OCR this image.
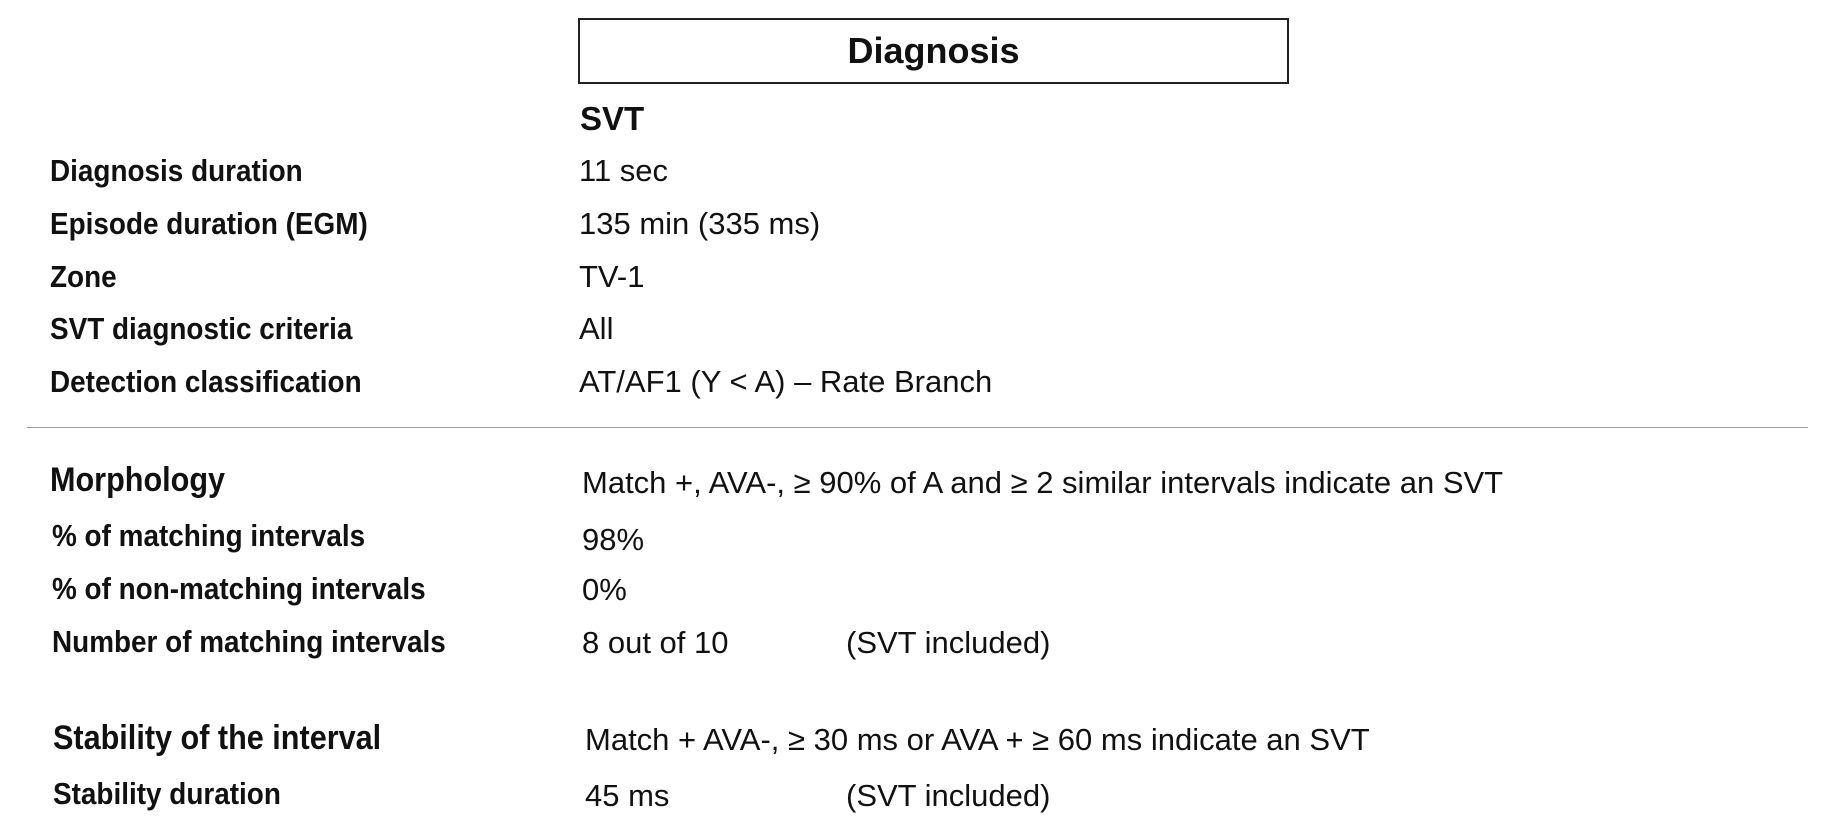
Diagnosis
SVT
Diagnosis duration	11 sec
Episode duration (EGM)	135 min (335 ms)
Zone	TV-1
SVT diagnostic criteria	All
Detection classification	AT/AF1 (Y < A) – Rate Branch
Morphology	Match +, AVA-, ≥ 90% of A and ≥ 2 similar intervals indicate an SVT
% of matching intervals	98%
% of non-matching intervals	0%
Number of matching intervals	8 out of 10	(SVT included)
Stability of the interval	Match + AVA-, ≥ 30 ms or AVA + ≥ 60 ms indicate an SVT
Stability duration	45 ms	(SVT included)
